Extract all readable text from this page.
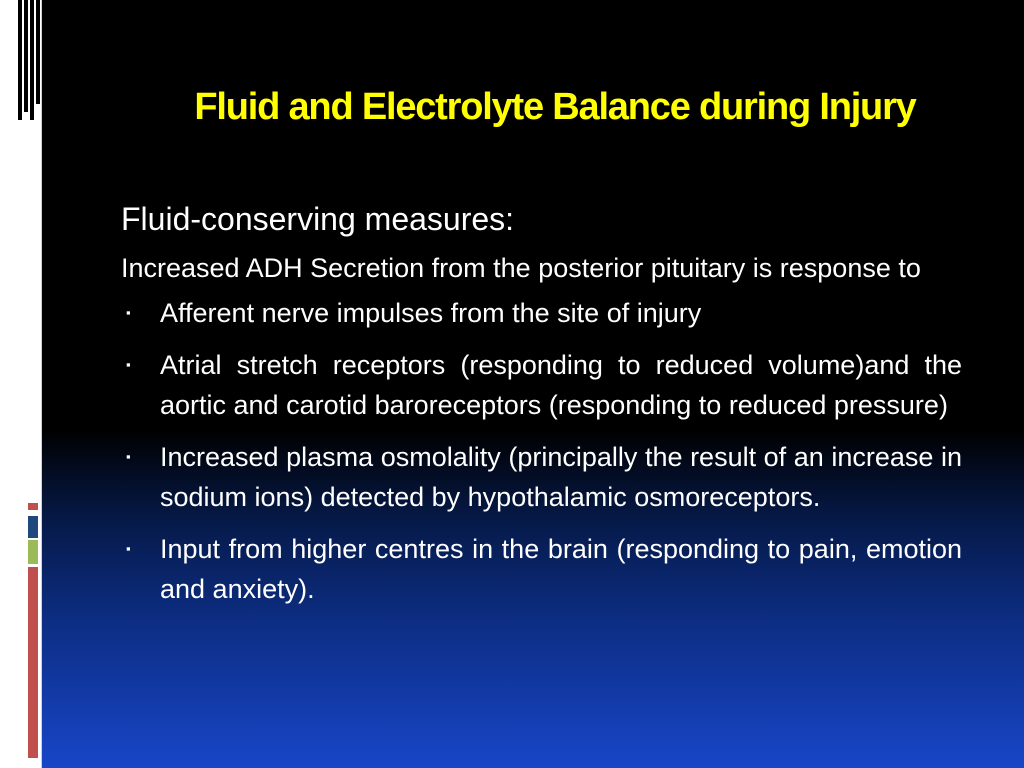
Fluid and Electrolyte Balance during Injury

Fluid-conserving measures:

Increased ADH Secretion from the posterior pituitary is response to

▪ Afferent nerve impulses from the site of injury
▪ Atrial stretch receptors (responding to reduced volume)and the aortic and carotid baroreceptors (responding to reduced pressure)
▪ Increased plasma osmolality (principally the result of an increase in sodium ions) detected by hypothalamic osmoreceptors.
▪ Input from higher centres in the brain (responding to pain, emotion and anxiety).
